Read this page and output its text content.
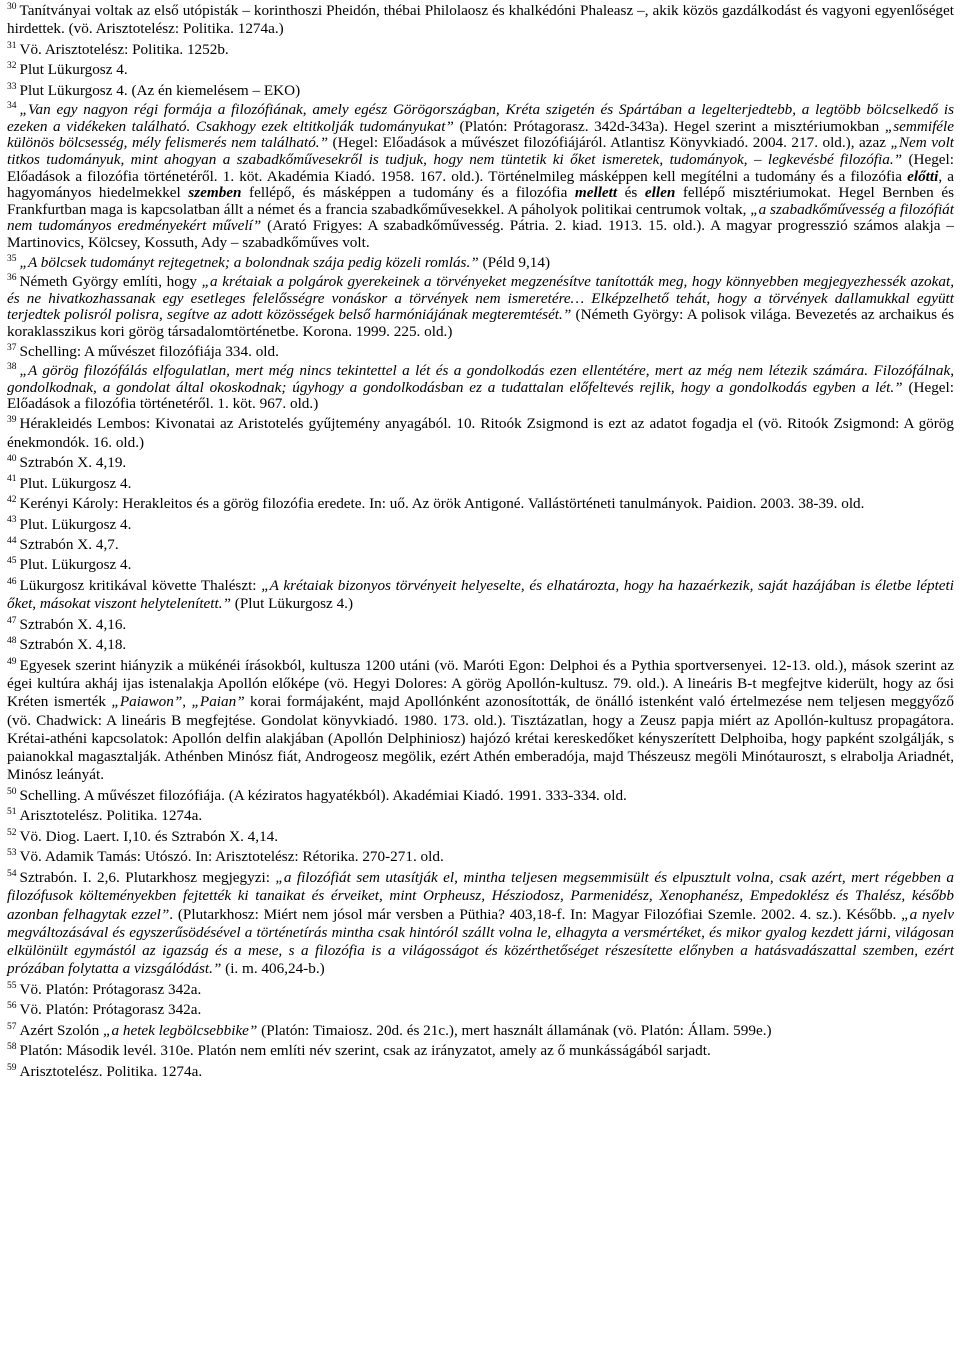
$^{30}$ Tanítványai voltak az első utópisták – korinthoszi Pheidón, thébai Philolaosz és khalkédóni Phaleasz –, akik közös gazdálkodást és vagyoni egyenlőséget hirdettek. (vö. Arisztotelész: Politika. 1274a.)

$^{31}$ Vö. Arisztotelész: Politika. 1252b.

$^{32}$ Plut Lükurgosz 4.

$^{33}$ Plut Lükurgosz 4. (Az én kiemelésem – EKO)

$^{34}$ „Van egy nagyon régi formája a filozófiának, amely egész Görögországban, Kréta szigetén és Spártában a legelterjedtebb, a legtöbb bölcselkedő is ezeken a vidékeken található. Csakhogy ezek eltitkolják tudományukat” (Platón: Prótagorasz. 342d-343a). Hegel szerint a misztériumokban „semmiféle különös bölcsesség, mély felismerés nem található.” (Hegel: Előadások a művészet filozófiájáról. Atlantisz Könyvkiadó. 2004. 217. old.), azaz „Nem volt titkos tudományuk, mint ahogyan a szabadkőművesekről is tudjuk, hogy nem tüntetik ki őket ismeretek, tudományok, – legkevésbé filozófia.” (Hegel: Előadások a filozófia történetéről. 1. köt. Akadémia Kiadó. 1958. 167. old.). Történelmileg másképpen kell megítélni a tudomány és a filozófia előtti, a hagyományos hiedelmekkel szemben fellépő, és másképpen a tudomány és a filozófia mellett és ellen fellépő misztériumokat. Hegel Bernben és Frankfurtban maga is kapcsolatban állt a német és a francia szabadkőművesekkel. A páholyok politikai centrumok voltak, „a szabadkőművesség a filozófiát nem tudományos eredményekért művelí” (Arató Frigyes: A szabadkőművesség. Pátria. 2. kiad. 1913. 15. old.). A magyar progresszió számos alakja – Martinovics, Kölcsey, Kossuth, Ady – szabadkőműves volt.

$^{35}$ „A bölcsek tudományt rejtegetnek; a bolondnak szája pedig közeli romlás.” (Péld 9,14)

$^{36}$ Németh György említi, hogy „a krétaiak a polgárok gyerekeinek a törvényeket megzenésítve tanították meg, hogy könnyebben megjegyezhessék azokat, és ne hivatkozhassanak egy esetleges felelősségre vonáskor a törvények nem ismeretére… Elképzelhető tehát, hogy a törvények dallamukkal együtt terjedtek polisról polisra, segítve az adott közösségek belső harmóniájának megteremtését.” (Németh György: A polisok világa. Bevezetés az archaikus és koraklasszikus kori görög társadalomtörténetbe. Korona. 1999. 225. old.)

$^{37}$ Schelling: A művészet filozófiája 334. old.

$^{38}$ „A görög filozófálás elfogulatlan, mert még nincs tekintettel a lét és a gondolkodás ezen ellentétére, mert az még nem létezik számára. Filozófálnak, gondolkodnak, a gondolat által okoskodnak; úgyhogy a gondolkodásban ez a tudattalan előfeltevés rejlik, hogy a gondolkodás egyben a lét.” (Hegel: Előadások a filozófia történetéről. 1. köt. 967. old.)

$^{39}$ Hérakleidés Lembos: Kivonatai az Aristotelés gyűjtemény anyagából. 10. Ritoók Zsigmond is ezt az adatot fogadja el (vö. Ritoók Zsigmond: A görög énekmondók. 16. old.)

$^{40}$ Sztrabón X. 4,19.

$^{41}$ Plut. Lükurgosz 4.

$^{42}$ Kerényi Károly: Herakleitos és a görög filozófia eredete. In: uő. Az örök Antigoné. Vallástörténeti tanulmányok. Paidion. 2003. 38-39. old.

$^{43}$ Plut. Lükurgosz 4.

$^{44}$ Sztrabón X. 4,7.

$^{45}$ Plut. Lükurgosz 4.

$^{46}$ Lükurgosz kritikával követte Thalészt: „A krétaiak bizonyos törvényeit helyeselte, és elhatározta, hogy ha hazaérkezik, saját hazájában is életbe lépteti őket, másokat viszont helytelenített.” (Plut Lükurgosz 4.)

$^{47}$ Sztrabón X. 4,16.

$^{48}$ Sztrabón X. 4,18.

$^{49}$ Egyesek szerint hiányzik a mükénéi írásokból, kultusza 1200 utáni (vö. Maróti Egon: Delphoi és a Pythia sportversenyei. 12-13. old.), mások szerint az égei kultúra akháj ijas istenalakja Apollón előképe (vö. Hegyi Dolores: A görög Apollón-kultusz. 79. old.). A lineáris B-t megfejtve kiderült, hogy az ősi Kréten ismerték „Paiawon”, „Paian” korai formájaként, majd Apollónként azonosították, de önálló istenként való értelmezése nem teljesen meggyőző (vö. Chadwick: A lineáris B megfejtése. Gondolat könyvkiadó. 1980. 173. old.). Tisztázatlan, hogy a Zeusz papja miért az Apollón-kultusz propagátora. Krétai-athéni kapcsolatok: Apollón delfin alakjában (Apollón Delphiniosz) hajózó krétai kereskedőket kényszerített Delphoiba, hogy papként szolgálják, s paianokkal magasztalják. Athénben Minósz fiát, Androgeosz megölik, ezért Athén emberadója, majd Thészeusz megöli Minótauroszt, s elrabolja Ariadnét, Minósz leányát.

$^{50}$ Schelling. A művészet filozófiája. (A kéziratos hagyatékból). Akadémiai Kiadó. 1991. 333-334. old.

$^{51}$ Arisztotelész. Politika. 1274a.

$^{52}$ Vö. Diog. Laert. I,10. és Sztrabón X. 4,14.

$^{53}$ Vö. Adamik Tamás: Utószó. In: Arisztotelész: Rétorika. 270-271. old.

$^{54}$ Sztrabón. I. 2,6. Plutarkhosz megjegyzi: „a filozófiát sem utasítják el, mintha teljesen megsemmisült és elpusztult volna, csak azért, mert régebben a filozófusok költeményekben fejtették ki tanaikat és érveiket, mint Orpheusz, Hésziodosz, Parmenidész, Xenophanész, Empedoklész és Thalész, később azonban felhagytak ezzel”. (Plutarkhosz: Miért nem jósol már versben a Püthia? 403,18-f. In: Magyar Filozófiai Szemle. 2002. 4. sz.). Később. „a nyelv megváltozásával és egyszerűsödésével a történetírás mintha csak hintóról szállt volna le, elhagyta a versmértéket, és mikor gyalog kezdett járni, világosan elkülönült egymástól az igazság és a mese, s a filozófia is a világosságot és közérthetőséget részesítette előnyben a hatásvadászattal szemben, ezért prózában folytatta a vizsgálódást.” (i. m. 406,24-b.)

$^{55}$ Vö. Platón: Prótagorasz 342a.

$^{56}$ Vö. Platón: Prótagorasz 342a.

$^{57}$ Azért Szolón „a hetek legbölcsebbike” (Platón: Timaiosz. 20d. és 21c.), mert használt államának (vö. Platón: Állam. 599e.)

$^{58}$ Platón: Második levél. 310e. Platón nem említi név szerint, csak az irányzatot, amely az ő munkásságából sarjadt.

$^{59}$ Arisztotelész. Politika. 1274a.
